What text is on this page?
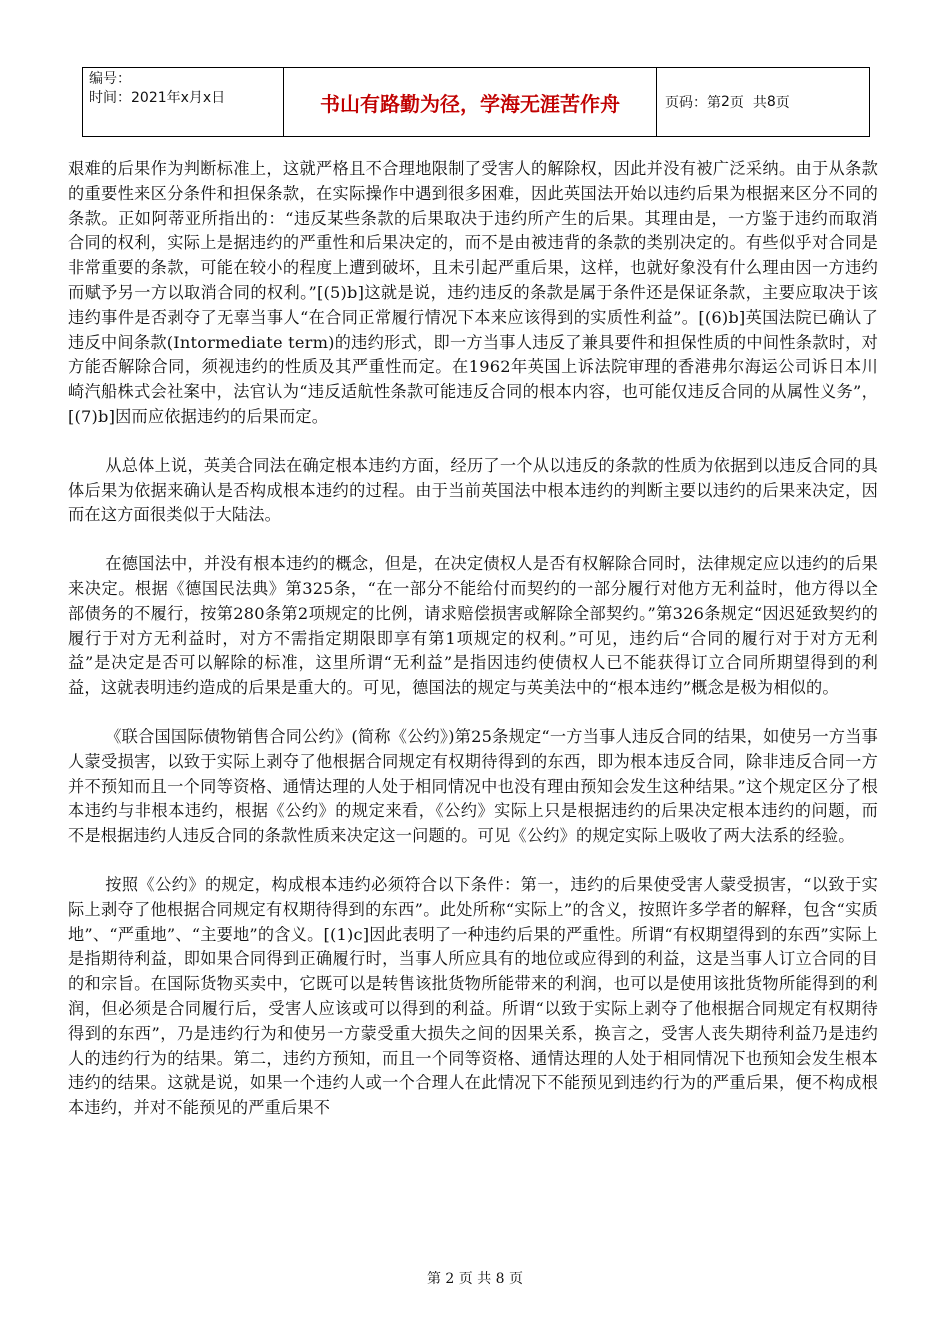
编号：
时间：2021年x月x日	书山有路勤为径，学海无涯苦作舟	页码：第 2 页  共 8 页

艰难的后果作为判断标准上，这就严格且不合理地限制了受害人的解除权，因此并没有被广泛采纳。由于从条款的重要性来区分条件和担保条款，在实际操作中遇到很多困难，因此英国法开始以违约后果为根据来区分不同的条款。正如阿蒂亚所指出的：“违反某些条款的后果取决于违约所产生的后果。其理由是，一方鉴于违约而取消合同的权利，实际上是据违约的严重性和后果决定的，而不是由被违背的条款的类别决定的。有些似乎对合同是非常重要的条款，可能在较小的程度上遭到破坏，且未引起严重后果，这样，也就好象没有什么理由因一方违约而赋予另一方以取消合同的权利。”[(5)b]这就是说，违约违反的条款是属于条件还是保证条款，主要应取决于该违约事件是否剥夺了无辜当事人“在合同正常履行情况下本来应该得到的实质性利益”。[(6)b]英国法院已确认了违反中间条款(Intormediate term)的违约形式，即一方当事人违反了兼具要件和担保性质的中间性条款时，对方能否解除合同，须视违约的性质及其严重性而定。在1962年英国上诉法院审理的香港弗尔海运公司诉日本川崎汽船株式会社案中，法官认为“违反适航性条款可能违反合同的根本内容，也可能仅违反合同的从属性义务”，[(7)b]因而应依据违约的后果而定。

从总体上说，英美合同法在确定根本违约方面，经历了一个从以违反的条款的性质为依据到以违反合同的具体后果为依据来确认是否构成根本违约的过程。由于当前英国法中根本违约的判断主要以违约的后果来决定，因而在这方面很类似于大陆法。

在德国法中，并没有根本违约的概念，但是，在决定债权人是否有权解除合同时，法律规定应以违约的后果来决定。根据《德国民法典》第325条，“在一部分不能给付而契约的一部分履行对他方无利益时，他方得以全部债务的不履行，按第280条第2项规定的比例，请求赔偿损害或解除全部契约。”第326条规定“因迟延致契约的履行于对方无利益时，对方不需指定期限即享有第1项规定的权利。”可见，违约后“合同的履行对于对方无利益”是决定是否可以解除的标准，这里所谓“无利益”是指因违约使债权人已不能获得订立合同所期望得到的利益，这就表明违约造成的后果是重大的。可见，德国法的规定与英美法中的“根本违约”概念是极为相似的。

《联合国国际债物销售合同公约》(简称《公约》)第25条规定“一方当事人违反合同的结果，如使另一方当事人蒙受损害，以致于实际上剥夺了他根据合同规定有权期待得到的东西，即为根本违反合同，除非违反合同一方并不预知而且一个同等资格、通情达理的人处于相同情况中也没有理由预知会发生这种结果。”这个规定区分了根本违约与非根本违约，根据《公约》的规定来看，《公约》实际上只是根据违约的后果决定根本违约的问题，而不是根据违约人违反合同的条款性质来决定这一问题的。可见《公约》的规定实际上吸收了两大法系的经验。

按照《公约》的规定，构成根本违约必须符合以下条件：第一，违约的后果使受害人蒙受损害，“以致于实际上剥夺了他根据合同规定有权期待得到的东西”。此处所称“实际上”的含义，按照许多学者的解释，包含“实质地”、“严重地”、“主要地”的含义。[(1)c]因此表明了一种违约后果的严重性。所谓“有权期望得到的东西”实际上是指期待利益，即如果合同得到正确履行时，当事人所应具有的地位或应得到的利益，这是当事人订立合同的目的和宗旨。在国际货物买卖中，它既可以是转售该批货物所能带来的利润，也可以是使用该批货物所能得到的利润，但必须是合同履行后，受害人应该或可以得到的利益。所谓“以致于实际上剥夺了他根据合同规定有权期待得到的东西”，乃是违约行为和使另一方蒙受重大损失之间的因果关系，换言之，受害人丧失期待利益乃是违约人的违约行为的结果。第二，违约方预知，而且一个同等资格、通情达理的人处于相同情况下也预知会发生根本违约的结果。这就是说，如果一个违约人或一个合理人在此情况下不能预见到违约行为的严重后果，便不构成根本违约，并对不能预见的严重后果不

第 2 页 共 8 页
